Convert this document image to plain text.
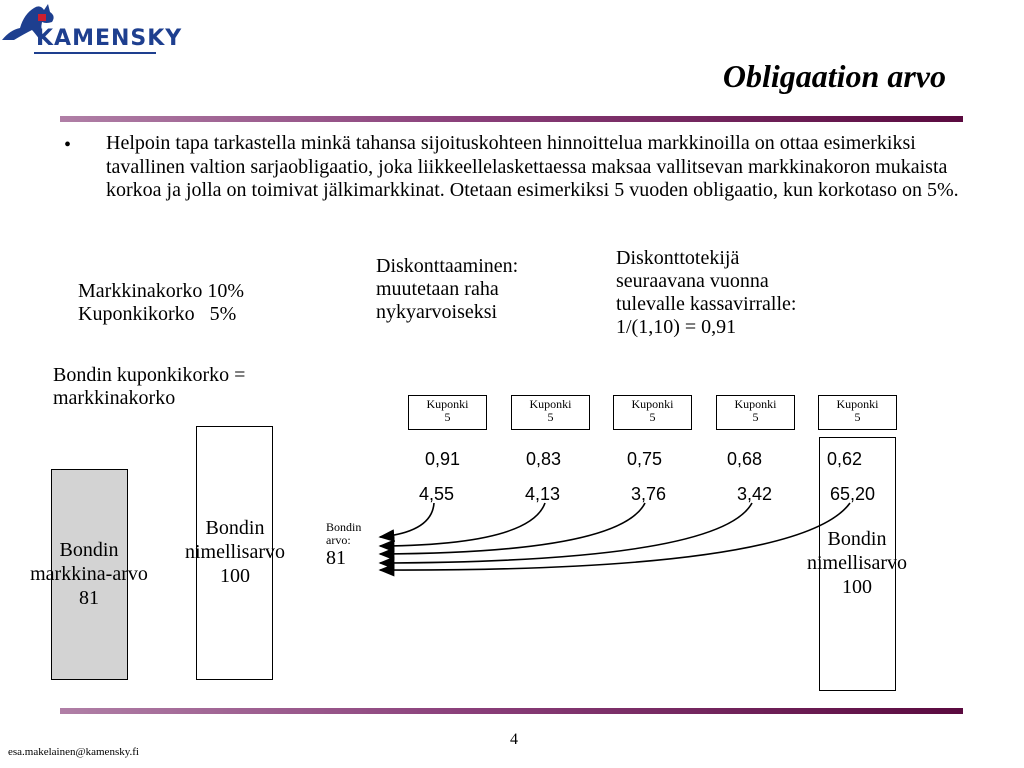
KAMENSKY
Obligaation arvo
• Helpoin tapa tarkastella minkä tahansa sijoituskohteen hinnoittelua markkinoilla on ottaa esimerkiksi tavallinen valtion sarjaobligaatio, joka liikkeellelaskettaessa maksaa vallitsevan markkinakoron mukaista korkoa ja jolla on toimivat jälkimarkkinat. Otetaan esimerkiksi 5 vuoden obligaatio, kun korkotaso on 5%.
Markkinakorko 10%
Kuponkikorko   5%
Diskonttaaminen:
muutetaan raha
nykyarvoiseksi
Diskonttotekijä
seuraavana vuonna
tulevalle kassavirralle:
1/(1,10) = 0,91
Bondin kuponkikorko =
markkinakorko
Bondin
markkina-arvo
81
Bondin
nimellisarvo
100
Bondin
arvo:
81
Kuponki
5
Kuponki
5
Kuponki
5
Kuponki
5
Kuponki
5
0,91	0,83	0,75	0,68	0,62
4,55	4,13	3,76	3,42	65,20
Bondin
nimellisarvo
100
4
esa.makelainen@kamensky.fi
